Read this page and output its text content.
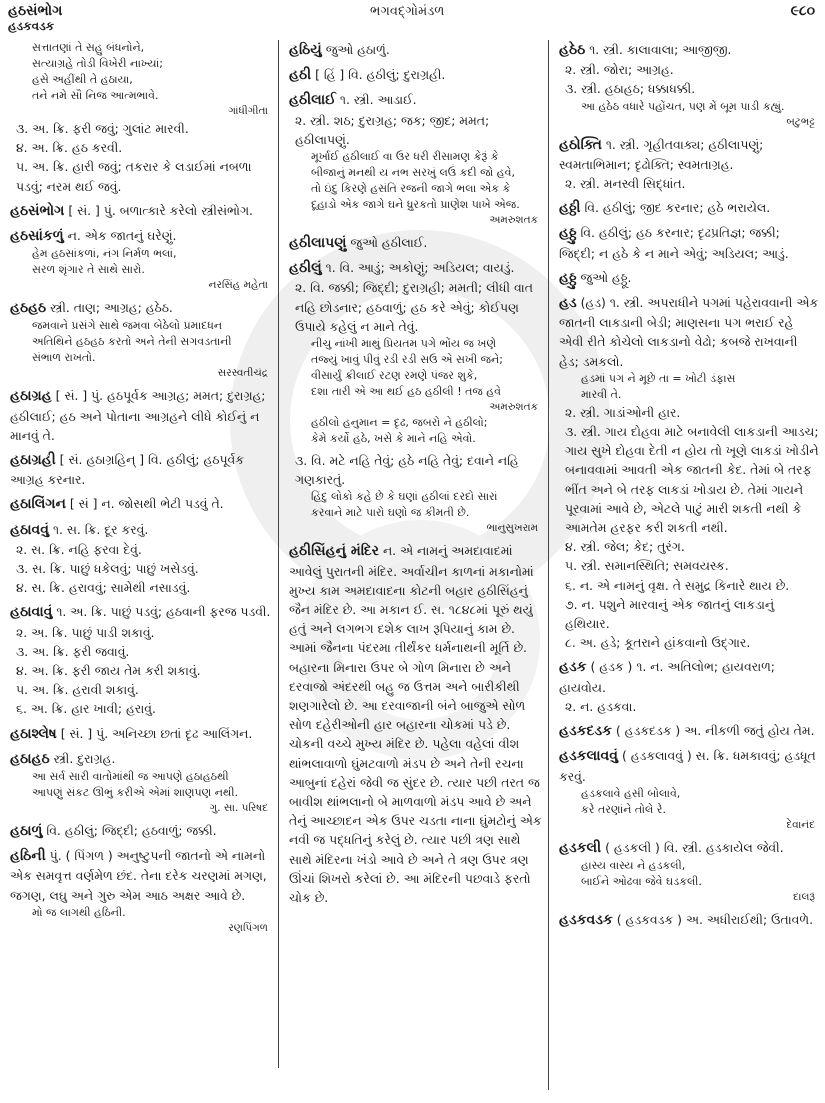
હઠસંભોગ
હડકવડક
ભગવદ્ગોમંડળ	૯૮૦
સત્તાતણાં તે સહુ બંધનોને,
સત્યાગ્રહે તોડી વિખેરી નાખ્યાં;
હસે અહીંથી તે હઠાયા,
તને નમે સૌ નિજ આત્મભાવે.
ગાંધીગીતા
૩. અ. ક્રિ. ફરી જવું; ગુલાંટ મારવી.
૪. અ. ક્રિ. હઠ કરવી.
૫. અ. ક્રિ. હારી જવું; તકરાર કે લડાઈમાં નબળા પડવું; નરમ થઈ જવું.
હઠસંભોગ [ સં. ] પું. બળાત્કારે કરેલો સ્ત્રીસંભોગ.
હઠસાંકળું ન. એક જાતનું ઘરેણું.
હેમ હઠસાંકળાં, નંગ નિર્મળ ભલાં,
સરળ શૃંગાર તે સાથે સારો.
નરસિંહ મહેતા
હઠહઠ સ્ત્રી. તાણ; આગ્રહ; હઠેઠ.
જમવાને પ્રસંગે સાથે જમવા બેઠેલો પ્રમાદધન
અતિથિને હઠહઠ કરતો અને તેની સગવડતાની
સંભાળ રાખતો.
સરસ્વતીચંદ્ર
હઠાગ્રહ [ સં. ] પું. હઠપૂર્વક આગ્રહ; મમત; દુરાગ્રહ; હઠીલાઈ; હઠ અને પોતાના આગ્રહને લીધે કોઈનું ન માનવું તે.
હઠાગ્રહી [ સં. હઠાગ્રહિન્ ] વિ. હઠીલું; હઠપૂર્વક આગ્રહ કરનાર.
હઠાલિંગન [ સં ] ન. જોસથી ભેટી પડવું તે.
હઠાવવું ૧. સ. ક્રિ. દૂર કરવું.
૨. સ. ક્રિ. નહિ ફરવા દેવું.
૩. સ. ક્રિ. પાછું ધકેલવું; પાછું ખસેડવું.
૪. સ. ક્રિ. હરાવવું; સામેથી નસાડવું.
હઠાવાવું ૧. અ. ક્રિ. પાછું પડવું; હઠવાની ફરજ પડવી.
૨. અ. ક્રિ. પાછું પાડી શકાવું.
૩. અ. ક્રિ. ફરી જવાવું.
૪. અ. ક્રિ. ફરી જાય તેમ કરી શકાવું.
૫. અ. ક્રિ. હરાવી શકાવું.
૬. અ. ક્રિ. હાર ખાવી; હરાવું.
હઠાશ્લેષ [ સં. ] પું. અનિચ્છા છતાં દૃઢ આલિંગન.
હઠાહઠ સ્ત્રી. દુરાગ્રહ.
આ સર્વ સારી વાતોમાંથી જ આપણે હઠાહઠથી
આપણું સંકટ ઊભું કરીએ એમાં શાણપણ નથી.
ગુ. સા. પરિષદ
હઠાળું વિ. હઠીલું; જિદ્દી; હઠવાળું; જક્કી.
હઠિની પું. ( પિંગળ ) અનુષ્ટુપની જાતનો એ નામનો એક સમવૃત્ત વર્ણમેળ છંદ. તેના દરેક ચરણમાં મગણ, જગણ, લઘુ અને ગુરુ એમ આઠ અક્ષર આવે છે.
મો જ લાગથી હઠિની.
રણપિંગળ
હઠિયું જુઓ હઠાળું.
હઠી [ હિં ] વિ. હઠીલું; દુરાગ્રહી.
હઠીલાઈ ૧. સ્ત્રી. આડાઈ.
૨. સ્ત્રી. શઠ; દુરાગ્રહ; જક; જીદ; મમત; હઠીલાપણું.
મૂર્ખાઈ હઠીલાઈ વા ઉર ધરી રીસામણ કેરૂં કે
બીજાનું મનથી ય નભ સરખું લઉં કદી જો હવે,
તો ઇંદુ કિરણે હસંતિ રજની જાગે ભલા એક કે
દૂહાડો એક જાગે ઘને ધ્રુરકતો પ્રાણેશ પાખે એજ.
અમરુશતક
હઠીલાપણું જુઓ હઠીલાઈ.
હઠીલું ૧. વિ. આડું; અકોણું; અડિયલ; વાયડું.
૨. વિ. જક્કી; જિદ્દી; દુરાગ્રહી; મમતી; લીધી વાત નહિ છોડનાર; હઠવાળું; હઠ કરે એવું; કોઈપણ ઉપાયે કહેલું ન માને તેવું.
નીચુ નાંખી માથું પ્રિયતમ પગે ભોંય જ ખણે
તજ્યું ખાવું પીવું રડી રડી સઉ એ સખી જને;
વીસાર્યું ક્રીલાઈ રટણ રમણે પંજર શુકે,
દશા તારી એ આ થઈ હઠ હઠીલી ! તજ હવે
અમરુશતક
હઠીલો હનુમાન = દૃઢ, જબરો ને હઠીલો;
કેમે કર્યો હઠે, ખસે કે માને નહિ એવો.
૩. વિ. મટે નહિ તેવું; હઠે નહિ તેવું; દવાને નહિ ગણકારતું.
હિંદુ લોકો કહે છે કે ઘણાં હઠીલાં દરદો સારાં
કરવાને માટે પારો ઘણો જ કીમતી છે.
ભાનુસુખરામ
હઠીસિંહનું મંદિર ન. એ નામનું અમદાવાદમાં આવેલું પુરાતની મંદિર. અર્વાચીન કાળનાં મકાનોમાં મુખ્ય કામ અમદાવાદના કોટની બહાર હઠીસિંહનું જૈન મંદિર છે. આ મકાન ઈ. સ. ૧૮૪૮માં પૂરું થયું હતું અને લગભગ દશેક લાખ રૂપિયાનું કામ છે. આમાં જૈનના પંદરમા તીર્થંકર ધર્મનાથની મૂર્તિ છે. બહારના મિનારા ઉપર બે ગોળ મિનારા છે અને દરવાજો અંદરથી બહુ જ ઉત્તમ અને બારીકીથી શણગારેલો છે. આ દરવાજાની બંને બાજુએ સોળ સોળ દહેરીઓની હાર બહારના ચોકમાં પડે છે. ચોકની વચ્ચે મુખ્ય મંદિર છે. પહેલા વહેલાં વીશ થાંભલાવાળો ઘુંમટવાળો મંડપ છે અને તેની રચના આબુનાં દહેરાં જેવી જ સુંદર છે. ત્યાર પછી તરત જ બાવીશ થાંભલાનો બે માળવાળો મંડપ આવે છે અને તેનું આચ્છાદન એક ઉપર ચડતા નાના ઘુંમટોનું એક નવી જ પદ્ધતિનું કરેલું છે. ત્યાર પછી ત્રણ સાથે સાથે મંદિરના ખંડો આવે છે અને તે ત્રણ ઉપર ત્રણ ઊંચાં શિખરો કરેલાં છે. આ મંદિરની પછવાડે ફરતો ચોક છે.
હઠેઠ ૧. સ્ત્રી. કાલાવાલા; આજીજી.
૨. સ્ત્રી. જોરા; આગ્રહ.
૩. સ્ત્રી. હઠાહઠ; ધક્કાધક્કી.
આ હઠેઠ વધારે પહોંચત, પણ મેં બૂમ પાડી કહ્યું.
બટુભટ્ટ
હઠોક્તિ ૧. સ્ત્રી. ગૃહીતવાક્ય; હઠીલાપણું; સ્વમતાભિમાન; દૃઢોક્તિ; સ્વમતાગ્રહ.
૨. સ્ત્રી. મનસ્વી સિદ્ધાંત.
હઠ્ઠી વિ. હઠીલું; જીદ કરનાર; હઠે ભરાયેલ.
હઠ્ઠુ વિ. હઠીલું; હઠ કરનાર; દૃઢપ્રતિજ્ઞ; જક્કી; જિદ્દી; ન હઠે કે ન માને એવું; અડિયલ; આડું.
હઠ્ઠુ જુઓ હઠ્ઠૂ.
હડ (હડ) ૧. સ્ત્રી. અપરાધીને પગમાં પહેરાવવાની એક જાતની લાકડાની બેડી; માણસના પગ ભરાઈ રહે એવી રીતે કોચેલો લાકડાનો વેઢો; કબજે રાખવાની હેડ; ડમકલો.
હડમાં પગ ને મૂછે તા = ખોટી ડંફાસ
મારવી તે.
૨. સ્ત્રી. ગાડાંઓની હાર.
૩. સ્ત્રી. ગાય દોહવા માટે બનાવેલી લાકડાની આડચ; ગાય સુખે દોહવા દેતી ન હોય તો ખૂણે લાકડાં ખોડીને બનાવવામાં આવતી એક જાતની કેદ. તેમાં બે તરફ ભીંત અને બે તરફ લાકડાં ખોડાય છે. તેમાં ગાયને પૂરવામાં આવે છે, એટલે પાટું મારી શકતી નથી કે આમતેમ હરફર કરી શકતી નથી.
૪. સ્ત્રી. જેલ; કેદ; તુરંગ.
૫. સ્ત્રી. સમાનસ્થિતિ; સમવયસ્ક.
૬. ન. એ નામનું વૃક્ષ. તે સમુદ્ર કિનારે થાય છે.
૭. ન. પશુને મારવાનું એક જાતનું લાકડાનું હથિયાર.
૮. અ. હડે; કૂતરાને હાંકવાનો ઉદ્ગાર.
હડક ( હડક ) ૧. ન. અતિલોભ; હાયવરાળ; હાયવોય.
૨. ન. હડકવા.
હડકદડક ( હડકદડક ) અ. નીકળી જતું હોય તેમ.
હડકલાવવું ( હડકલાવવું ) સ. ક્રિ. ધમકાવવું; હડધૂત કરવું.
હડકલાવે હસી બોલાવે,
કરે તરણાંને તોલે રે.
દેવાનંદ
હડકલી ( હડકલી ) વિ. સ્ત્રી. હડકાયેલ જેવી.
હાસ્ય વાસ્ય ને હડકલી,
બાઈને ઓઢવા જેવે ઘડકલી.
દાલરૂં
હડકવડક ( હડકવડક ) અ. અધીરાઈથી; ઉતાવળે.
